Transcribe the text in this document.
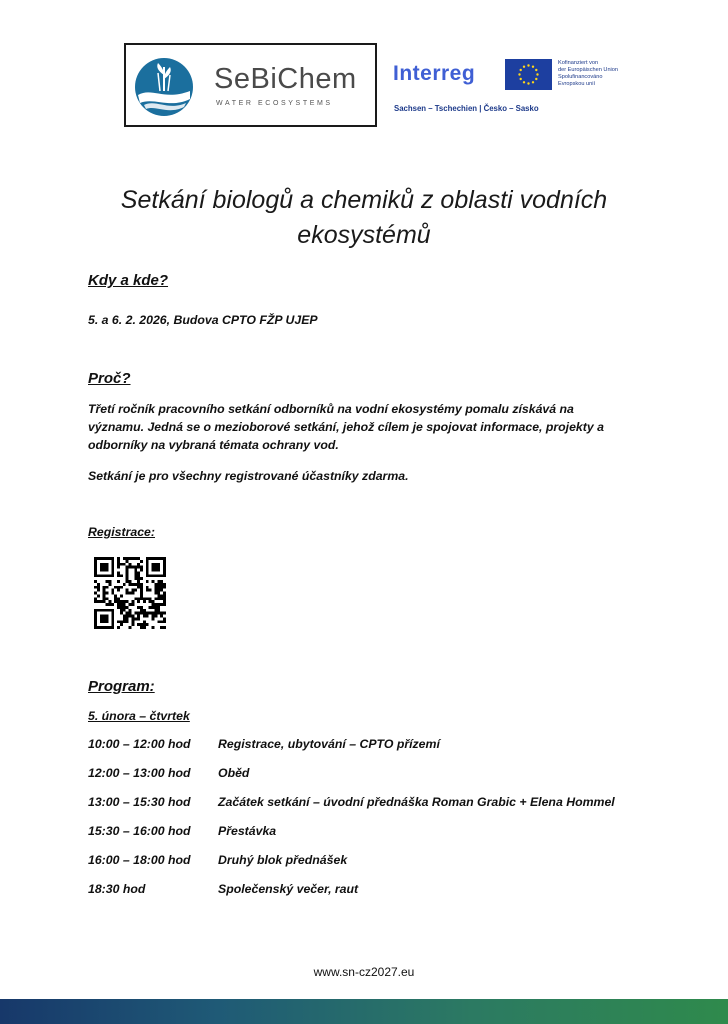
SeBiChem
WATER ECOSYSTEMS
Interreg	Kofinanziert von
der Europäischen Union
Spolufinancováno
Evropskou unií
Sachsen – Tschechien | Česko – Sasko
Setkání biologů a chemiků z oblasti vodních
ekosystémů
Kdy a kde?
5. a 6. 2. 2026, Budova CPTO FŽP UJEP
Proč?
Třetí ročník pracovního setkání odborníků na vodní ekosystémy pomalu získává na
významu. Jedná se o mezioborové setkání, jehož cílem je spojovat informace, projekty a
odborníky na vybraná témata ochrany vod.
Setkání je pro všechny registrované účastníky zdarma.
Registrace:
Program:
5. února – čtvrtek
10:00 – 12:00 hod Registrace, ubytování – CPTO přízemí
12:00 – 13:00 hod Oběd
13:00 – 15:30 hod Začátek setkání – úvodní přednáška Roman Grabic + Elena Hommel
15:30 – 16:00 hod Přestávka
16:00 – 18:00 hod Druhý blok přednášek
18:30 hod	Společenský večer, raut
www.sn-cz2027.eu
